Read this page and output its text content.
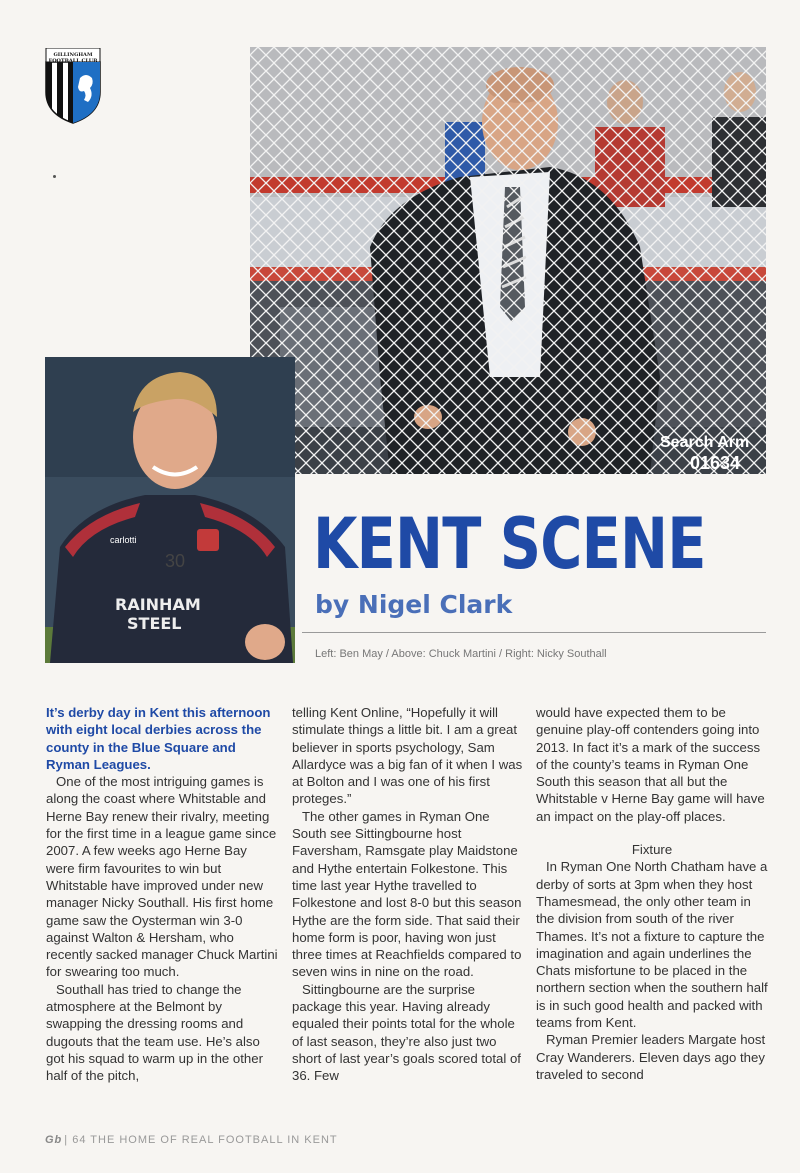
GILLINGHAM
FOOTBALL CLUB
Search Arm
01634
carlotti
30
RAINHAM
STEEL
KENT SCENE
by Nigel Clark
Left: Ben May / Above: Chuck Martini / Right: Nicky Southall

It’s derby day in Kent this afternoon with eight local derbies across the county in the Blue Square and Ryman Leagues.

One of the most intriguing games is along the coast where Whitstable and Herne Bay renew their rivalry, meeting for the first time in a league game since 2007. A few weeks ago Herne Bay were firm favourites to win but Whitstable have improved under new manager Nicky Southall. His first home game saw the Oysterman win 3-0 against Walton & Hersham, who recently sacked manager Chuck Martini for swearing too much.

Southall has tried to change the atmosphere at the Belmont by swapping the dressing rooms and dugouts that the team use. He’s also got his squad to warm up in the other half of the pitch,

telling Kent Online, “Hopefully it will stimulate things a little bit. I am a great believer in sports psychology, Sam Allardyce was a big fan of it when I was at Bolton and I was one of his first proteges.”

The other games in Ryman One South see Sittingbourne host Faversham, Ramsgate play Maidstone and Hythe entertain Folkestone. This time last year Hythe travelled to Folkestone and lost 8-0 but this season Hythe are the form side. That said their home form is poor, having won just three times at Reachfields compared to seven wins in nine on the road.

Sittingbourne are the surprise package this year. Having already equaled their points total for the whole of last season, they’re also just two short of last year’s goals scored total of 36. Few

would have expected them to be genuine play-off contenders going into 2013. In fact it’s a mark of the success of the county’s teams in Ryman One South this season that all but the Whitstable v Herne Bay game will have an impact on the play-off places.

Fixture

In Ryman One North Chatham have a derby of sorts at 3pm when they host Thamesmead, the only other team in the division from south of the river Thames. It’s not a fixture to capture the imagination and again underlines the Chats misfortune to be placed in the northern section when the southern half is in such good health and packed with teams from Kent.

Ryman Premier leaders Margate host Cray Wanderers. Eleven days ago they traveled to second

Gb | 64 THE HOME OF REAL FOOTBALL IN KENT
